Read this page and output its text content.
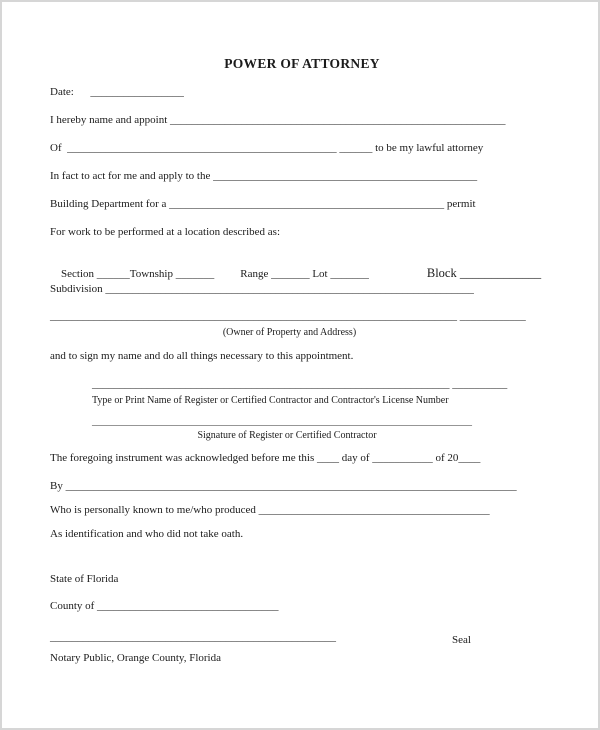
POWER OF ATTORNEY
Date:      _________________
I hereby name and appoint _____________________________________________________________
Of  _________________________________________________ ______ to be my lawful attorney
In fact to act for me and apply to the ________________________________________________
Building Department for a __________________________________________________ permit
For work to be performed at a location described as:

Section ______Township _______ Range _______ Lot _______	Block _____________

Subdivision ___________________________________________________________________
__________________________________________________________________________ ____________
(Owner of Property and Address)
and to sign my name and do all things necessary to this appointment.
_________________________________________________________________ __________
Type or Print Name of Register or Certified Contractor and Contractor's License Number
____________________________________________________________________________
Signature of Register or Certified Contractor
The foregoing instrument was acknowledged before me this ____ day of ___________ of 20____
By __________________________________________________________________________________
Who is personally known to me/who produced __________________________________________
As identification and who did not take oath.
State of Florida
County of _________________________________
____________________________________________________	Seal
Notary Public, Orange County, Florida
